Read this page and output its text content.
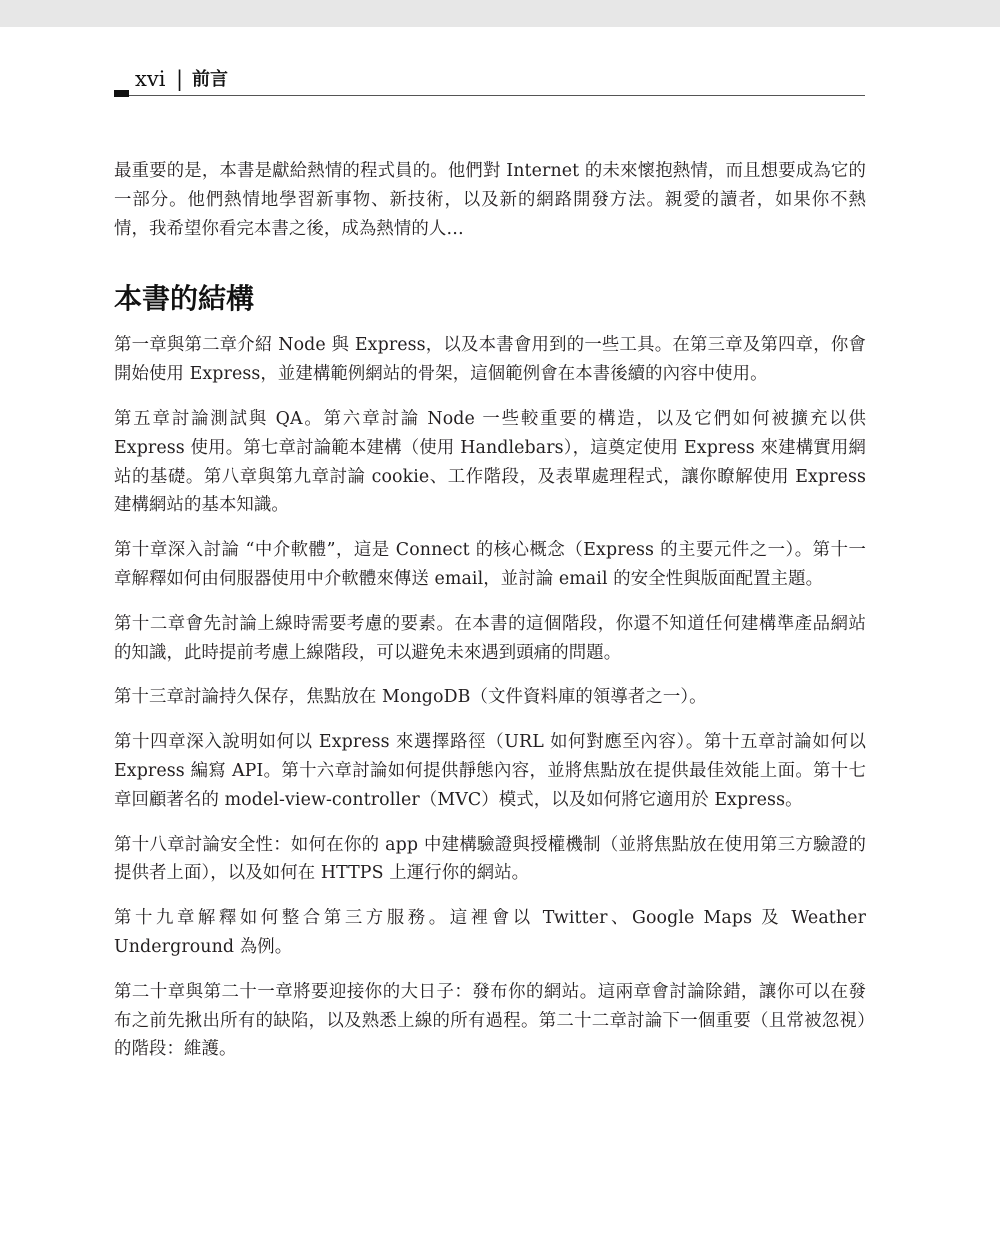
xvi | 前言

最重要的是，本書是獻給熱情的程式員的。他們對 Internet 的未來懷抱熱情，而且想要成為它的一部分。他們熱情地學習新事物、新技術，以及新的網路開發方法。親愛的讀者，如果你不熱情，我希望你看完本書之後，成為熱情的人…

本書的結構

第一章與第二章介紹 Node 與 Express，以及本書會用到的一些工具。在第三章及第四章，你會開始使用 Express，並建構範例網站的骨架，這個範例會在本書後續的內容中使用。

第五章討論測試與 QA。第六章討論 Node 一些較重要的構造，以及它們如何被擴充以供 Express 使用。第七章討論範本建構（使用 Handlebars），這奠定使用 Express 來建構實用網站的基礎。第八章與第九章討論 cookie、工作階段，及表單處理程式，讓你瞭解使用 Express 建構網站的基本知識。

第十章深入討論 “中介軟體”，這是 Connect 的核心概念（Express 的主要元件之一）。第十一章解釋如何由伺服器使用中介軟體來傳送 email，並討論 email 的安全性與版面配置主題。

第十二章會先討論上線時需要考慮的要素。在本書的這個階段，你還不知道任何建構準產品網站的知識，此時提前考慮上線階段，可以避免未來遇到頭痛的問題。

第十三章討論持久保存，焦點放在 MongoDB（文件資料庫的領導者之一）。

第十四章深入說明如何以 Express 來選擇路徑（URL 如何對應至內容）。第十五章討論如何以 Express 編寫 API。第十六章討論如何提供靜態內容，並將焦點放在提供最佳效能上面。第十七章回顧著名的 model-view-controller（MVC）模式，以及如何將它適用於 Express。

第十八章討論安全性：如何在你的 app 中建構驗證與授權機制（並將焦點放在使用第三方驗證的提供者上面），以及如何在 HTTPS 上運行你的網站。

第十九章解釋如何整合第三方服務。這裡會以 Twitter、Google Maps 及 Weather Underground 為例。

第二十章與第二十一章將要迎接你的大日子：發布你的網站。這兩章會討論除錯，讓你可以在發布之前先揪出所有的缺陷，以及熟悉上線的所有過程。第二十二章討論下一個重要（且常被忽視）的階段：維護。
